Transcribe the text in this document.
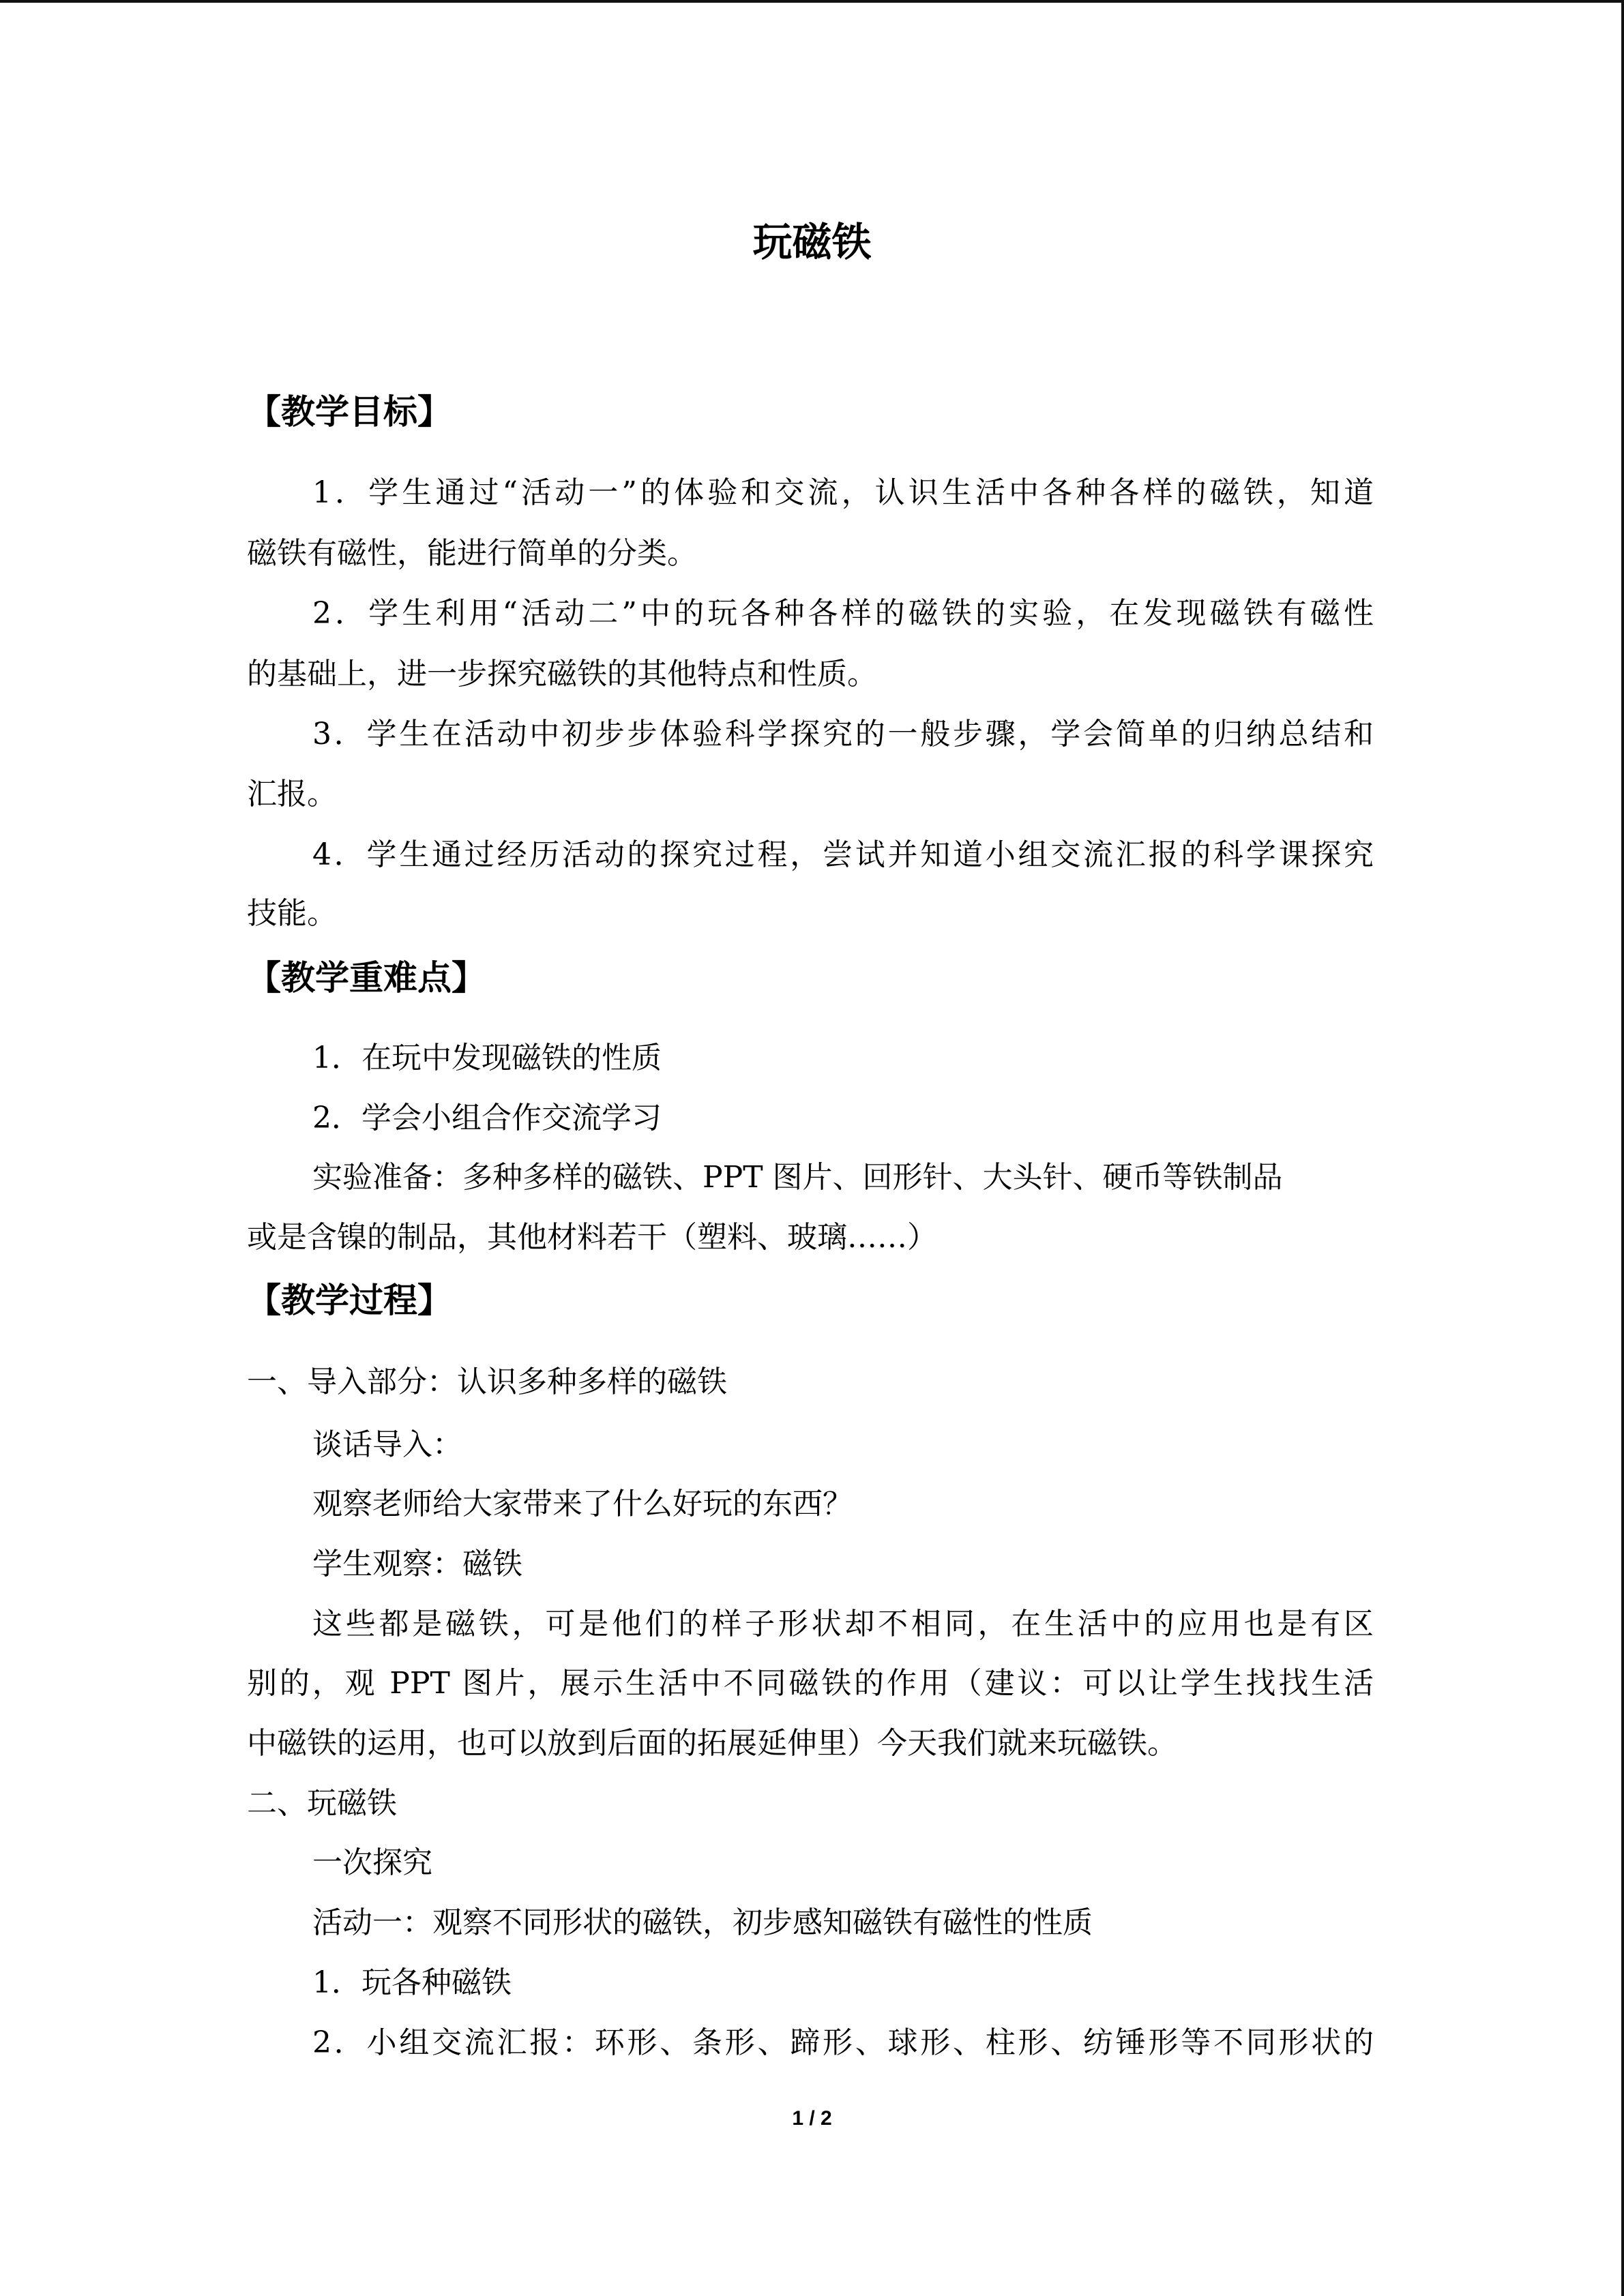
玩磁铁
【教学目标】
1．学生通过“活动一”的体验和交流，认识生活中各种各样的磁铁，知道
磁铁有磁性，能进行简单的分类。
2．学生利用“活动二”中的玩各种各样的磁铁的实验，在发现磁铁有磁性
的基础上，进一步探究磁铁的其他特点和性质。
3．学生在活动中初步步体验科学探究的一般步骤，学会简单的归纳总结和
汇报。
4．学生通过经历活动的探究过程，尝试并知道小组交流汇报的科学课探究
技能。
【教学重难点】
1．在玩中发现磁铁的性质
2．学会小组合作交流学习
实验准备：多种多样的磁铁、PPT 图片、回形针、大头针、硬币等铁制品
或是含镍的制品，其他材料若干（塑料、玻璃……）
【教学过程】
一、导入部分：认识多种多样的磁铁
谈话导入：
观察老师给大家带来了什么好玩的东西？
学生观察：磁铁
这些都是磁铁，可是他们的样子形状却不相同，在生活中的应用也是有区
别的，观 PPT 图片，展示生活中不同磁铁的作用（建议：可以让学生找找生活
中磁铁的运用，也可以放到后面的拓展延伸里）今天我们就来玩磁铁。
二、玩磁铁
一次探究
活动一：观察不同形状的磁铁，初步感知磁铁有磁性的性质
1．玩各种磁铁
2．小组交流汇报：环形、条形、蹄形、球形、柱形、纺锤形等不同形状的
1 / 2
